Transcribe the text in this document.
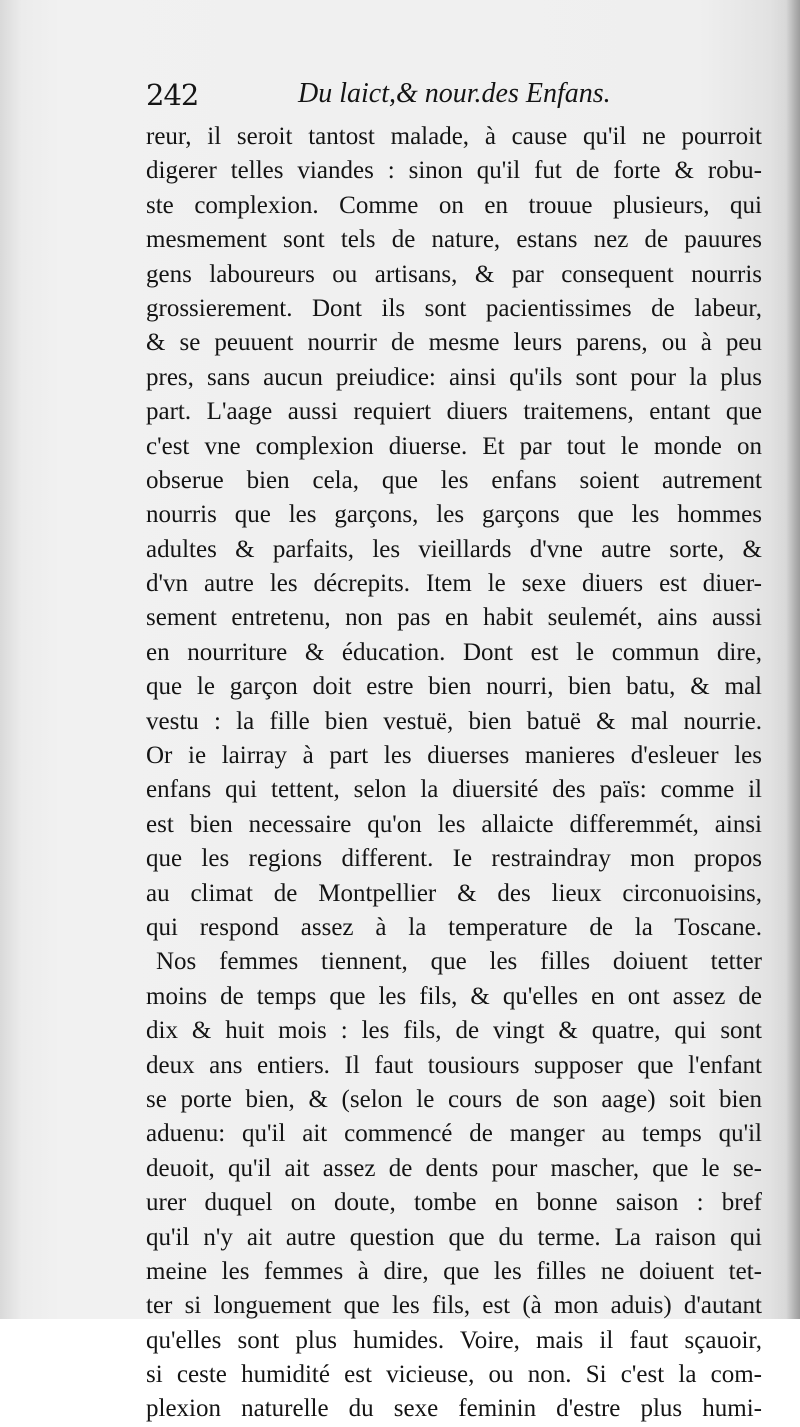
242	Du laict,& nour.des Enfans.
reur, il seroit tantost malade, à cause qu'il ne pourroit
digerer telles viandes : sinon qu'il fut de forte & robu-
ste complexion. Comme on en trouue plusieurs, qui
mesmement sont tels de nature, estans nez de pauures
gens laboureurs ou artisans, & par consequent nourris
grossierement. Dont ils sont pacientissimes de labeur,
& se peuuent nourrir de mesme leurs parens, ou à peu
pres, sans aucun preiudice: ainsi qu'ils sont pour la plus
part. L'aage aussi requiert diuers traitemens, entant que
c'est vne complexion diuerse. Et par tout le monde on
obserue bien cela, que les enfans soient autrement
nourris que les garçons, les garçons que les hommes
adultes & parfaits, les vieillards d'vne autre sorte, &
d'vn autre les décrepits. Item le sexe diuers est diuer-
sement entretenu, non pas en habit seulemét, ains aussi
en nourriture & éducation. Dont est le commun dire,
que le garçon doit estre bien nourri, bien batu, & mal
vestu : la fille bien vestuë, bien batuë & mal nourrie.
Or ie lairray à part les diuerses manieres d'esleuer les
enfans qui tettent, selon la diuersité des païs: comme il
est bien necessaire qu'on les allaicte differemmét, ainsi
que les regions different. Ie restraindray mon propos
au climat de Montpellier & des lieux circonuoisins,
qui respond assez à la temperature de la Toscane.
Nos femmes tiennent, que les filles doiuent tetter
moins de temps que les fils, & qu'elles en ont assez de
dix & huit mois : les fils, de vingt & quatre, qui sont
deux ans entiers. Il faut tousiours supposer que l'enfant
se porte bien, & (selon le cours de son aage) soit bien
aduenu: qu'il ait commencé de manger au temps qu'il
deuoit, qu'il ait assez de dents pour mascher, que le se-
urer duquel on doute, tombe en bonne saison : bref
qu'il n'y ait autre question que du terme. La raison qui
meine les femmes à dire, que les filles ne doiuent tet-
ter si longuement que les fils, est (à mon aduis) d'autant
qu'elles sont plus humides. Voire, mais il faut sçauoir,
si ceste humidité est vicieuse, ou non. Si c'est la com-
plexion naturelle du sexe feminin d'estre plus humi-
